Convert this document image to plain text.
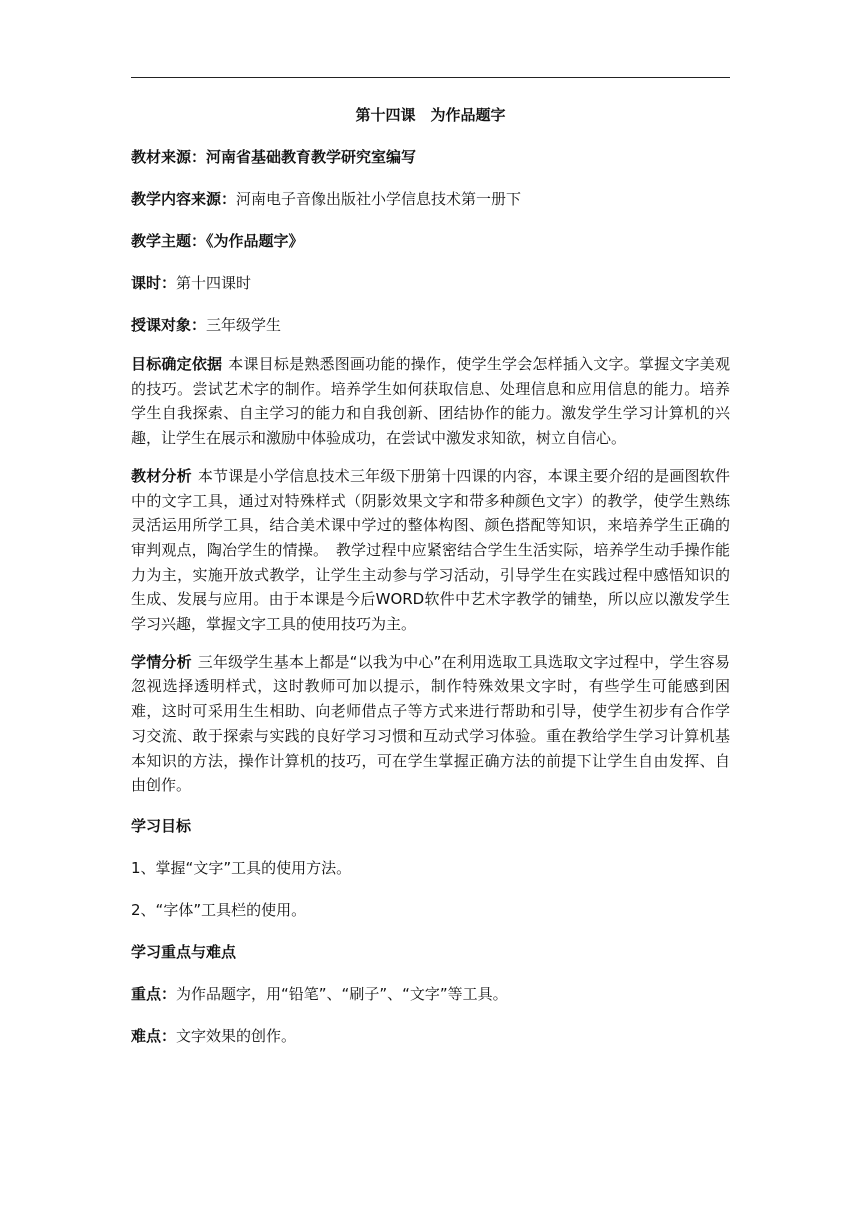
第十四课　为作品题字
教材来源：河南省基础教育教学研究室编写
教学内容来源：河南电子音像出版社小学信息技术第一册下
教学主题：《为作品题字》
课时：第十四课时
授课对象：三年级学生
目标确定依据 本课目标是熟悉图画功能的操作，使学生学会怎样插入文字。掌握文字美观的技巧。尝试艺术字的制作。培养学生如何获取信息、处理信息和应用信息的能力。培养学生自我探索、自主学习的能力和自我创新、团结协作的能力。激发学生学习计算机的兴趣，让学生在展示和激励中体验成功，在尝试中激发求知欲，树立自信心。
教材分析 本节课是小学信息技术三年级下册第十四课的内容，本课主要介绍的是画图软件中的文字工具，通过对特殊样式（阴影效果文字和带多种颜色文字）的教学，使学生熟练灵活运用所学工具，结合美术课中学过的整体构图、颜色搭配等知识，来培养学生正确的审判观点，陶冶学生的情操。　教学过程中应紧密结合学生生活实际，培养学生动手操作能力为主，实施开放式教学，让学生主动参与学习活动，引导学生在实践过程中感悟知识的生成、发展与应用。由于本课是今后WORD软件中艺术字教学的铺垫，所以应以激发学生学习兴趣，掌握文字工具的使用技巧为主。
学情分析 三年级学生基本上都是“以我为中心”在利用选取工具选取文字过程中，学生容易忽视选择透明样式，这时教师可加以提示，制作特殊效果文字时，有些学生可能感到困难，这时可采用生生相助、向老师借点子等方式来进行帮助和引导，使学生初步有合作学习交流、敢于探索与实践的良好学习习惯和互动式学习体验。重在教给学生学习计算机基本知识的方法，操作计算机的技巧，可在学生掌握正确方法的前提下让学生自由发挥、自由创作。
学习目标
1、掌握“文字”工具的使用方法。
2、“字体”工具栏的使用。
学习重点与难点
重点：为作品题字，用“铅笔”、“刷子”、“文字”等工具。
难点：文字效果的创作。
